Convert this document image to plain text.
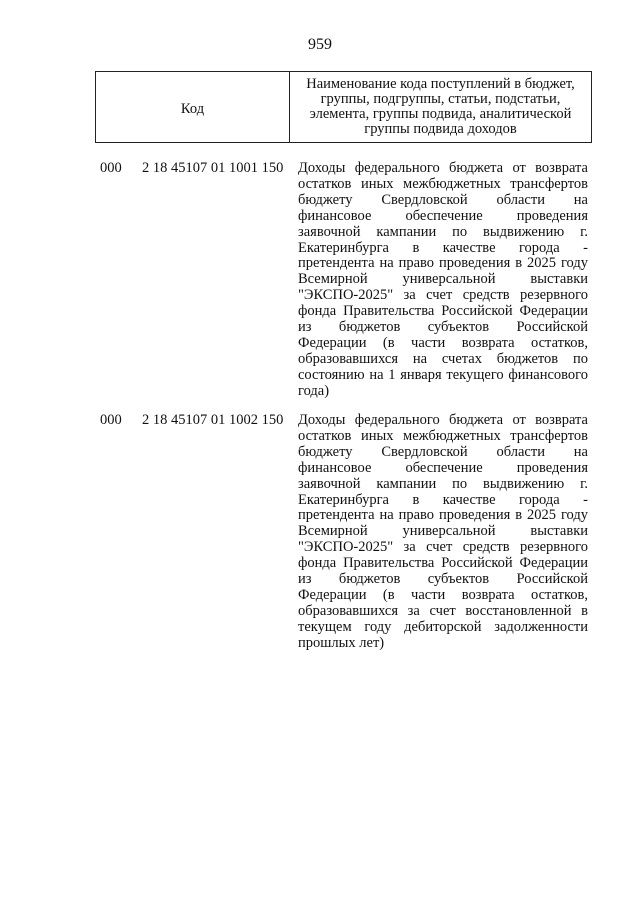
959
Код
Наименование кода поступлений в бюджет, группы, подгруппы, статьи, подстатьи, элемента, группы подвида, аналитической группы подвида доходов
000 2 18 45107 01 1001 150 Доходы федерального бюджета от возврата остатков иных межбюджетных трансфертов бюджету Свердловской области на финансовое обеспечение проведения заявочной кампании по выдвижению г. Екатеринбурга в качестве города - претендента на право проведения в 2025 году Всемирной универсальной выставки "ЭКСПО-2025" за счет средств резервного фонда Правительства Российской Федерации из бюджетов субъектов Российской Федерации (в части возврата остатков, образовавшихся на счетах бюджетов по состоянию на 1 января текущего финансового года)
000 2 18 45107 01 1002 150 Доходы федерального бюджета от возврата остатков иных межбюджетных трансфертов бюджету Свердловской области на финансовое обеспечение проведения заявочной кампании по выдвижению г. Екатеринбурга в качестве города - претендента на право проведения в 2025 году Всемирной универсальной выставки "ЭКСПО-2025" за счет средств резервного фонда Правительства Российской Федерации из бюджетов субъектов Российской Федерации (в части возврата остатков, образовавшихся за счет восстановленной в текущем году дебиторской задолженности прошлых лет)
